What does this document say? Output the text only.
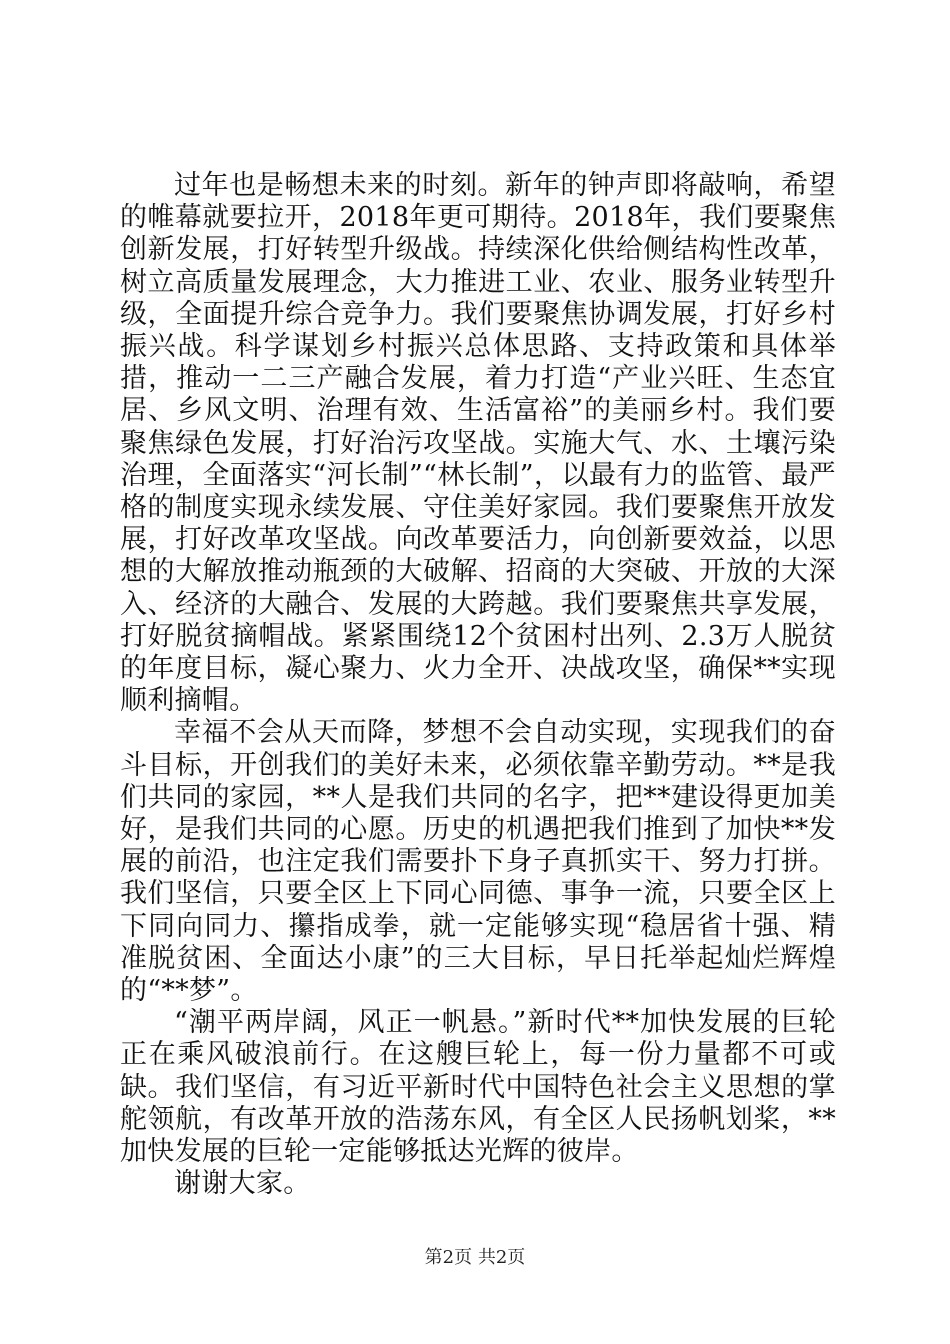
过年也是畅想未来的时刻。新年的钟声即将敲响，希望的帷幕就要拉开，2018年更可期待。2018年，我们要聚焦创新发展，打好转型升级战。持续深化供给侧结构性改革，树立高质量发展理念，大力推进工业、农业、服务业转型升级，全面提升综合竞争力。我们要聚焦协调发展，打好乡村振兴战。科学谋划乡村振兴总体思路、支持政策和具体举措，推动一二三产融合发展，着力打造“产业兴旺、生态宜居、乡风文明、治理有效、生活富裕”的美丽乡村。我们要聚焦绿色发展，打好治污攻坚战。实施大气、水、土壤污染治理，全面落实“河长制”“林长制”，以最有力的监管、最严格的制度实现永续发展、守住美好家园。我们要聚焦开放发展，打好改革攻坚战。向改革要活力，向创新要效益，以思想的大解放推动瓶颈的大破解、招商的大突破、开放的大深入、经济的大融合、发展的大跨越。我们要聚焦共享发展，打好脱贫摘帽战。紧紧围绕12个贫困村出列、2.3万人脱贫的年度目标，凝心聚力、火力全开、决战攻坚，确保**实现顺利摘帽。

幸福不会从天而降，梦想不会自动实现，实现我们的奋斗目标，开创我们的美好未来，必须依靠辛勤劳动。**是我们共同的家园，**人是我们共同的名字，把**建设得更加美好，是我们共同的心愿。历史的机遇把我们推到了加快**发展的前沿，也注定我们需要扑下身子真抓实干、努力打拼。我们坚信，只要全区上下同心同德、事争一流，只要全区上下同向同力、攥指成拳，就一定能够实现“稳居省十强、精准脱贫困、全面达小康”的三大目标，早日托举起灿烂辉煌的“**梦”。

“潮平两岸阔，风正一帆悬。”新时代**加快发展的巨轮正在乘风破浪前行。在这艘巨轮上，每一份力量都不可或缺。我们坚信，有习近平新时代中国特色社会主义思想的掌舵领航，有改革开放的浩荡东风，有全区人民扬帆划桨，**加快发展的巨轮一定能够抵达光辉的彼岸。

谢谢大家。

第2页 共2页
